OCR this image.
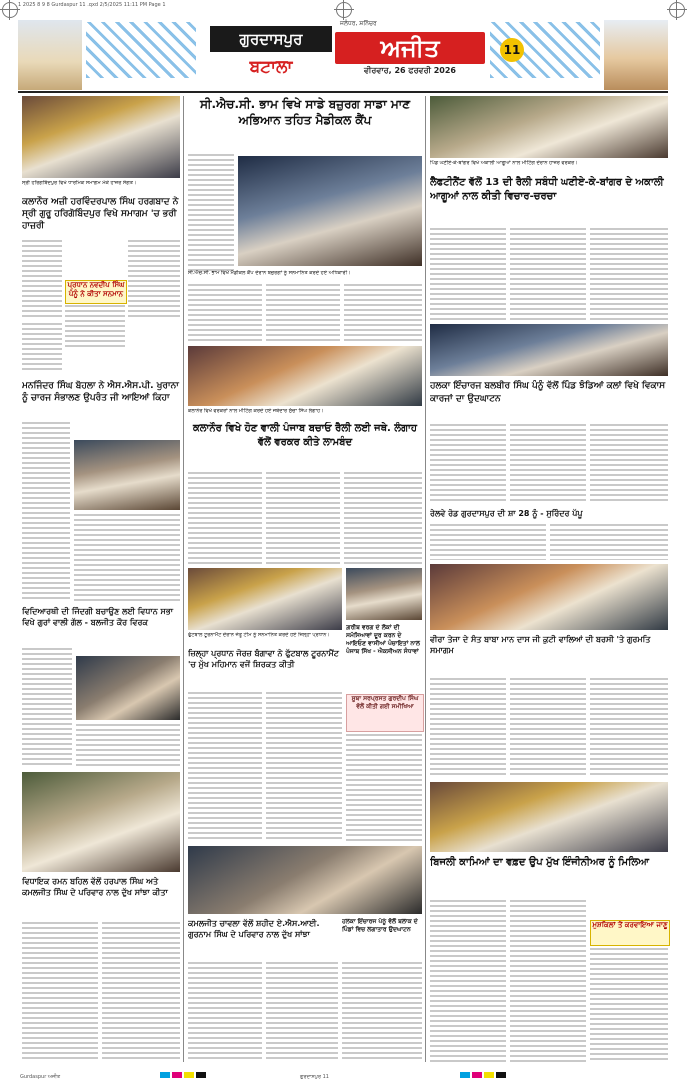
1 2025 8 9 8 Gurdaspur 11 .qxd 2/5/2025 11:11 PM Page 1
ਗੁਰਦਾਸਪੁਰ
ਬਟਾਲਾ
ਜਲੰਧਰ, ਸ਼ਨਿੱਚਰ
ਅਜੀਤ
ਵੀਰਵਾਰ, 26 ਫਰਵਰੀ 2026
11
ਸ੍ਰੀ ਹਰਿਗੋਬਿੰਦਪੁਰ ਵਿਖੇ ਧਾਰਮਿਕ ਸਮਾਗਮ ਮੌਕੇ ਹਾਜ਼ਰ ਸੰਗਤ।
ਕਲਾਨੌਰ ਅਜ਼ੀ ਹਰਵਿੰਦਰਪਾਲ ਸਿੰਘ ਹਰਗਬਾਦ ਨੇ ਸ੍ਰੀ ਗੁਰੂ ਹਰਿਗੋਬਿੰਦਪੁਰ ਵਿਖੇ ਸਮਾਗਮ 'ਚ ਭਰੀ ਹਾਜ਼ਰੀ
ਪ੍ਰਧਾਨ ਨਵਦੀਪ ਸਿੰਘ ਪੰਨੂੰ ਨੇ ਕੀਤਾ ਸਨਮਾਨ
ਮਨਜਿੰਦਰ ਸਿੰਘ ਬੋਹਲਾ ਨੇ ਐਸ.ਐਸ.ਪੀ. ਖੁਰਾਨਾ ਨੂੰ ਚਾਰਜ ਸੰਭਾਲਣ ਉਪਰੰਤ ਜੀ ਆਇਆਂ ਕਿਹਾ
ਵਿਦਿਆਰਥੀ ਦੀ ਜਿੰਦਗੀ ਬਚਾਉਣ ਲਈ ਵਿਧਾਨ ਸਭਾ ਵਿਖੇ ਗੁਰਾਂ ਵਾਲੀ ਗੱਲ - ਬਲਜੀਤ ਕੌਰ ਵਿਰਕ
ਵਿਧਾਇਕ ਰਮਨ ਬਹਿਲ ਵੱਲੋਂ ਹਰਪਾਲ ਸਿੰਘ ਅਤੇ ਕਮਲਜੀਤ ਸਿੰਘ ਦੇ ਪਰਿਵਾਰ ਨਾਲ ਦੁੱਖ ਸਾਂਝਾ ਕੀਤਾ
ਸੀ.ਐਚ.ਸੀ. ਭਾਮ ਵਿਖੇ ਸਾਡੇ ਬਜ਼ੁਰਗ ਸਾਡਾ ਮਾਣ ਅਭਿਆਨ ਤਹਿਤ ਮੈਡੀਕਲ ਕੈਂਪ
ਸੀ.ਐਚ.ਸੀ. ਭਾਮ ਵਿਖੇ ਮੈਡੀਕਲ ਕੈਂਪ ਦੌਰਾਨ ਬਜ਼ੁਰਗਾਂ ਨੂੰ ਸਨਮਾਨਿਤ ਕਰਦੇ ਹੋਏ ਅਧਿਕਾਰੀ।
ਕਲਾਨੌਰ ਵਿਖੇ ਵਰਕਰਾਂ ਨਾਲ ਮੀਟਿੰਗ ਕਰਦੇ ਹੋਏ ਜਥੇਦਾਰ ਸੁੱਚਾ ਸਿੰਘ ਲੰਗਾਹ।
ਕਲਾਨੌਰ ਵਿਖੇ ਹੋਣ ਵਾਲੀ ਪੰਜਾਬ ਬਚਾਓ ਰੈਲੀ ਲਈ ਜਥੇ. ਲੰਗਾਹ ਵੱਲੋਂ ਵਰਕਰ ਕੀਤੇ ਲਾਮਬੰਦ
ਫੁੱਟਬਾਲ ਟੂਰਨਾਮੈਂਟ ਦੌਰਾਨ ਜੇਤੂ ਟੀਮ ਨੂੰ ਸਨਮਾਨਿਤ ਕਰਦੇ ਹੋਏ ਜ਼ਿਲ੍ਹਾ ਪ੍ਰਧਾਨ।
ਜ਼ਿਲ੍ਹਾ ਪ੍ਰਧਾਨ ਜੋਰਜ਼ ਬੰਗਾਵਾ ਨੇ ਫੁੱਟਬਾਲ ਟੂਰਨਾਮੈਂਟ 'ਚ ਮੁੱਖ ਮਹਿਮਾਨ ਵਜੋਂ ਸ਼ਿਰਕਤ ਕੀਤੀ
ਗ਼ਰੀਬ ਵਰਗ ਦੇ ਲੋਕਾਂ ਦੀ ਸਮੱਸਿਆਵਾਂ ਦੂਰ ਕਰਨ ਦੇ ਆਇਓਣ ਵਾਸੀਆਂ ਪੰਚਾਇਤਾਂ ਨਾਲ ਪੰਜਾਬ ਸਿੱਖ - ਐਕਸੀਅਨ ਸੰਧਾਵਾਂ
ਸੂਬਾ ਸਰਪ੍ਰਸਤ ਗੁਰਦੀਪ ਸਿੰਘ ਵੱਲੋਂ ਕੀਤੀ ਗਈ ਸਮੀਖਿਆ
ਕਮਲਜੀਤ ਚਾਵਲਾ ਵੱਲੋਂ ਸ਼ਹੀਦ ਏ.ਐਸ.ਆਈ. ਗੁਰਨਾਮ ਸਿੰਘ ਦੇ ਪਰਿਵਾਰ ਨਾਲ ਦੁੱਖ ਸਾਂਝਾ
ਹਲਕਾ ਇੰਚਾਰਜ ਪੰਨੂੰ ਵੱਲੋਂ ਬਲਾਕ ਦੇ ਪਿੰਡਾਂ ਵਿਚ ਲਗਾਤਾਰ ਉਦਘਾਟਨ
ਪਿੰਡ ਘਣੀਏ-ਕੇ-ਬਾਂਗਰ ਵਿਖੇ ਅਕਾਲੀ ਆਗੂਆਂ ਨਾਲ ਮੀਟਿੰਗ ਦੌਰਾਨ ਹਾਜ਼ਰ ਵਰਕਰ।
ਲੈਫਟੀਨੈਂਟ ਵੱਲੋਂ 13 ਦੀ ਰੈਲੀ ਸਬੰਧੀ ਘਣੀਏ-ਕੇ-ਬਾਂਗਰ ਦੇ ਅਕਾਲੀ ਆਗੂਆਂ ਨਾਲ ਕੀਤੀ ਵਿਚਾਰ-ਚਰਚਾ
ਹਲਕਾ ਇੰਚਾਰਜ ਬਲਬੀਰ ਸਿੰਘ ਪੰਨੂੰ ਵੱਲੋਂ ਪਿੰਡ ਝੰਡਿਆਂ ਕਲਾਂ ਵਿਖੇ ਵਿਕਾਸ ਕਾਰਜਾਂ ਦਾ ਉਦਘਾਟਨ
ਰੇਲਵੇ ਰੋਡ ਗੁਰਦਾਸਪੁਰ ਦੀ ਸ਼ਾ 28 ਨੂੰ - ਸੁਰਿੰਦਰ ਪੱਪੂ
ਵੀਰਾ ਤੇਜਾ ਦੇ ਸੰਤ ਬਾਬਾ ਮਾਨ ਦਾਸ ਜੀ ਕੁਟੀ ਵਾਲਿਆਂ ਦੀ ਬਰਸੀ 'ਤੇ ਗੁਰਮਤਿ ਸਮਾਗਮ
ਬਿਜਲੀ ਕਾਮਿਆਂ ਦਾ ਵਫ਼ਦ ਉਪ ਮੁੱਖ ਇੰਜੀਨੀਅਰ ਨੂੰ ਮਿਲਿਆ
ਮੁਸ਼ਕਿਲਾਂ ਤੋਂ ਕਰਵਾਇਆ ਜਾਣੂ
Gurdaspur ਅਜੀਤ	ਗੁਰਦਾਸਪੁਰ 11
